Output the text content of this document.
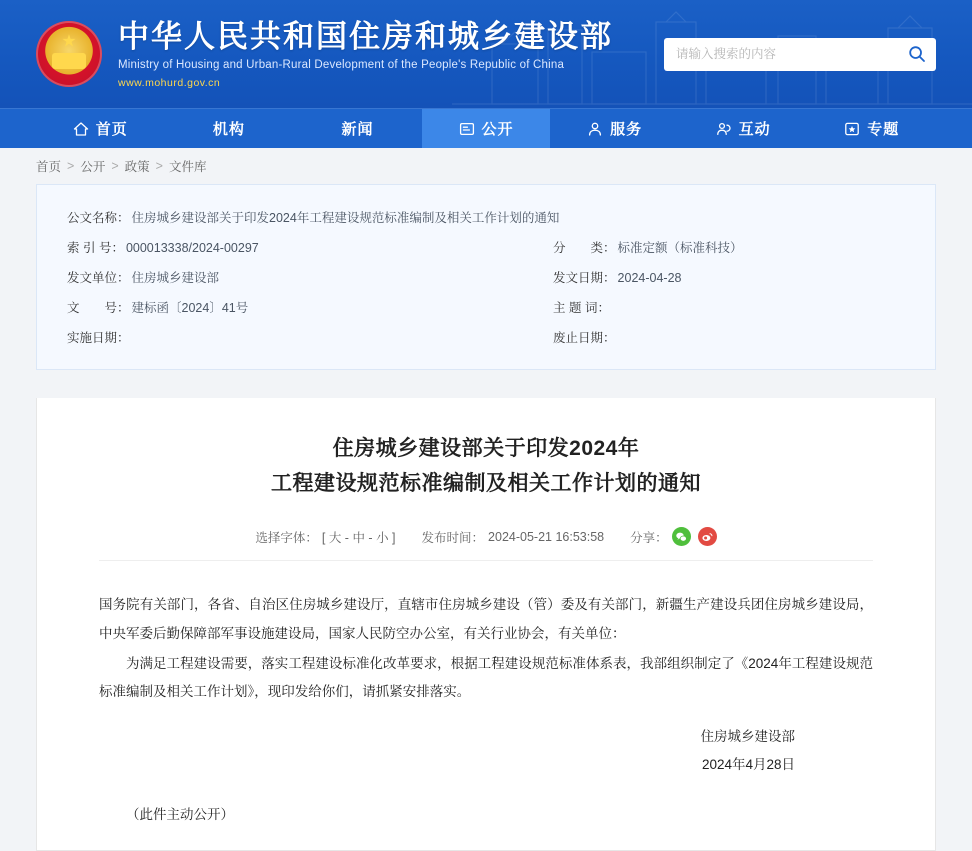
★ 中华人民共和国住房和城乡建设部
Ministry of Housing and Urban-Rural Development of the People's Republic of China
www.mohurd.gov.cn
请输入搜索的内容
首页	机构	新闻	公开	服务	互动	专题
首页 > 公开 > 政策 > 文件库
公文名称： 住房城乡建设部关于印发2024年工程建设规范标准编制及相关工作计划的通知
索 引 号： 000013338/2024-00297	分　　类： 标准定额（标准科技）
发文单位： 住房城乡建设部	发文日期： 2024-04-28
文　　号： 建标函〔2024〕41号	主 题 词：
实施日期：	废止日期：
住房城乡建设部关于印发2024年
工程建设规范标准编制及相关工作计划的通知
选择字体： [ 大 - 中 - 小 ] 发布时间： 2024-05-21 16:53:58 分享：

国务院有关部门，各省、自治区住房城乡建设厅，直辖市住房城乡建设（管）委及有关部门，新疆生产建设兵团住房城乡建设局，中央军委后勤保障部军事设施建设局，国家人民防空办公室，有关行业协会，有关单位：

为满足工程建设需要，落实工程建设标准化改革要求，根据工程建设规范标准体系表，我部组织制定了《2024年工程建设规范标准编制及相关工作计划》，现印发给你们，请抓紧安排落实。

住房城乡建设部
2024年4月28日
（此件主动公开）
